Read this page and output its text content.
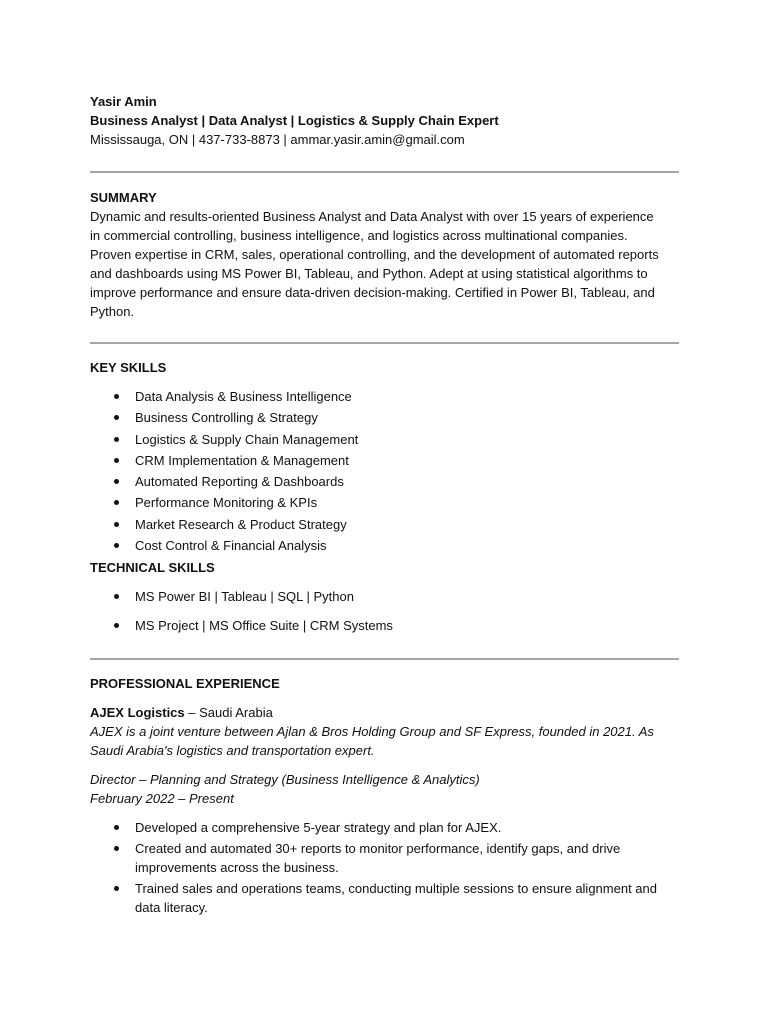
Yasir Amin
Business Analyst | Data Analyst | Logistics & Supply Chain Expert
Mississauga, ON | 437-733-8873 | ammar.yasir.amin@gmail.com
SUMMARY
Dynamic and results-oriented Business Analyst and Data Analyst with over 15 years of experience
in commercial controlling, business intelligence, and logistics across multinational companies.
Proven expertise in CRM, sales, operational controlling, and the development of automated reports
and dashboards using MS Power BI, Tableau, and Python. Adept at using statistical algorithms to
improve performance and ensure data-driven decision-making. Certified in Power BI, Tableau, and
Python.
KEY SKILLS
Data Analysis & Business Intelligence
Business Controlling & Strategy
Logistics & Supply Chain Management
CRM Implementation & Management
Automated Reporting & Dashboards
Performance Monitoring & KPIs
Market Research & Product Strategy
Cost Control & Financial Analysis
TECHNICAL SKILLS
MS Power BI | Tableau | SQL | Python
MS Project | MS Office Suite | CRM Systems
PROFESSIONAL EXPERIENCE
AJEX Logistics – Saudi Arabia
AJEX is a joint venture between Ajlan & Bros Holding Group and SF Express, founded in 2021. As
Saudi Arabia's logistics and transportation expert.
Director – Planning and Strategy (Business Intelligence & Analytics)
February 2022 – Present
Developed a comprehensive 5-year strategy and plan for AJEX.
Created and automated 30+ reports to monitor performance, identify gaps, and drive improvements across the business.
Trained sales and operations teams, conducting multiple sessions to ensure alignment and data literacy.
